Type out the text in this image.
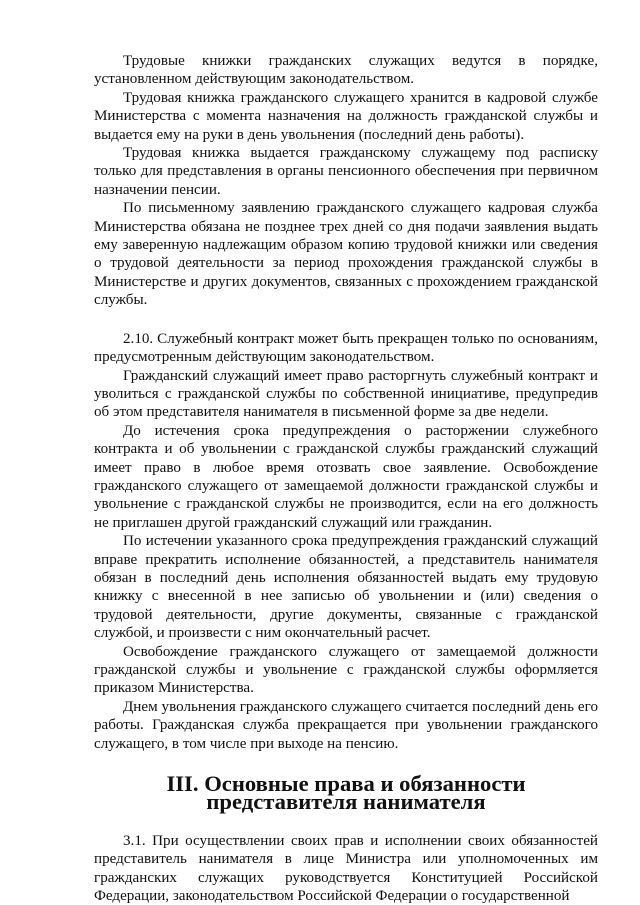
Трудовые книжки гражданских служащих ведутся в порядке, установленном действующим законодательством.

Трудовая книжка гражданского служащего хранится в кадровой службе Министерства с момента назначения на должность гражданской службы и выдается ему на руки в день увольнения (последний день работы).

Трудовая книжка выдается гражданскому служащему под расписку только для представления в органы пенсионного обеспечения при первичном назначении пенсии.

По письменному заявлению гражданского служащего кадровая служба Министерства обязана не позднее трех дней со дня подачи заявления выдать ему заверенную надлежащим образом копию трудовой книжки или сведения о трудовой деятельности за период прохождения гражданской службы в Министерстве и других документов, связанных с прохождением гражданской службы.

2.10. Служебный контракт может быть прекращен только по основаниям, предусмотренным действующим законодательством.

Гражданский служащий имеет право расторгнуть служебный контракт и уволиться с гражданской службы по собственной инициативе, предупредив об этом представителя нанимателя в письменной форме за две недели.

До истечения срока предупреждения о расторжении служебного контракта и об увольнении с гражданской службы гражданский служащий имеет право в любое время отозвать свое заявление. Освобождение гражданского служащего от замещаемой должности гражданской службы и увольнение с гражданской службы не производится, если на его должность не приглашен другой гражданский служащий или гражданин.

По истечении указанного срока предупреждения гражданский служащий вправе прекратить исполнение обязанностей, а представитель нанимателя обязан в последний день исполнения обязанностей выдать ему трудовую книжку с внесенной в нее записью об увольнении и (или) сведения о трудовой деятельности, другие документы, связанные с гражданской службой, и произвести с ним окончательный расчет.

Освобождение гражданского служащего от замещаемой должности гражданской службы и увольнение с гражданской службы оформляется приказом Министерства.

Днем увольнения гражданского служащего считается последний день его работы. Гражданская служба прекращается при увольнении гражданского служащего, в том числе при выходе на пенсию.

III. Основные права и обязанности представителя нанимателя

3.1. При осуществлении своих прав и исполнении своих обязанностей представитель нанимателя в лице Министра или уполномоченных им гражданских служащих руководствуется Конституцией Российской Федерации, законодательством Российской Федерации о государственной
